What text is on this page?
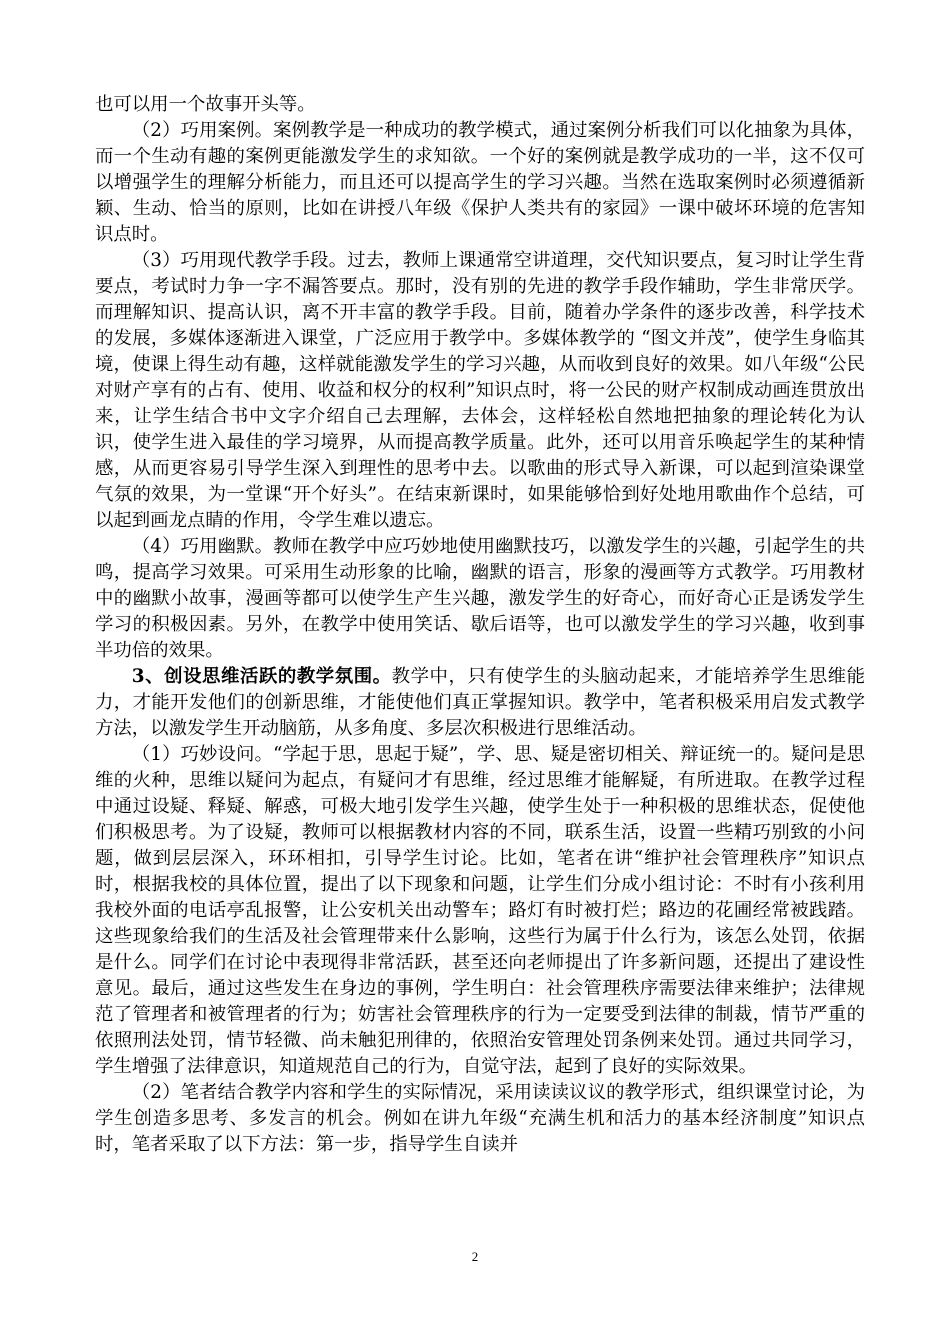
也可以用一个故事开头等。

（2）巧用案例。案例教学是一种成功的教学模式，通过案例分析我们可以化抽象为具体，而一个生动有趣的案例更能激发学生的求知欲。一个好的案例就是教学成功的一半，这不仅可以增强学生的理解分析能力，而且还可以提高学生的学习兴趣。当然在选取案例时必须遵循新颖、生动、恰当的原则，比如在讲授八年级《保护人类共有的家园》一课中破坏环境的危害知识点时。

（3）巧用现代教学手段。过去，教师上课通常空讲道理，交代知识要点，复习时让学生背要点，考试时力争一字不漏答要点。那时，没有别的先进的教学手段作辅助，学生非常厌学。而理解知识、提高认识，离不开丰富的教学手段。目前，随着办学条件的逐步改善，科学技术的发展，多媒体逐渐进入课堂，广泛应用于教学中。多媒体教学的 “图文并茂”，使学生身临其境，使课上得生动有趣，这样就能激发学生的学习兴趣，从而收到良好的效果。如八年级“公民对财产享有的占有、使用、收益和权分的权利”知识点时，将一公民的财产权制成动画连贯放出来，让学生结合书中文字介绍自己去理解，去体会，这样轻松自然地把抽象的理论转化为认识，使学生进入最佳的学习境界，从而提高教学质量。此外，还可以用音乐唤起学生的某种情感，从而更容易引导学生深入到理性的思考中去。以歌曲的形式导入新课，可以起到渲染课堂气氛的效果，为一堂课“开个好头”。在结束新课时，如果能够恰到好处地用歌曲作个总结，可以起到画龙点睛的作用，令学生难以遗忘。

（4）巧用幽默。教师在教学中应巧妙地使用幽默技巧，以激发学生的兴趣，引起学生的共鸣，提高学习效果。可采用生动形象的比喻，幽默的语言，形象的漫画等方式教学。巧用教材中的幽默小故事，漫画等都可以使学生产生兴趣，激发学生的好奇心，而好奇心正是诱发学生学习的积极因素。另外，在教学中使用笑话、歇后语等，也可以激发学生的学习兴趣，收到事半功倍的效果。

3、创设思维活跃的教学氛围。教学中，只有使学生的头脑动起来，才能培养学生思维能力，才能开发他们的创新思维，才能使他们真正掌握知识。教学中，笔者积极采用启发式教学方法，以激发学生开动脑筋，从多角度、多层次积极进行思维活动。

（1）巧妙设问。“学起于思，思起于疑”，学、思、疑是密切相关、辩证统一的。疑问是思维的火种，思维以疑问为起点，有疑问才有思维，经过思维才能解疑，有所进取。在教学过程中通过设疑、释疑、解惑，可极大地引发学生兴趣，使学生处于一种积极的思维状态，促使他们积极思考。为了设疑，教师可以根据教材内容的不同，联系生活，设置一些精巧别致的小问题，做到层层深入，环环相扣，引导学生讨论。比如，笔者在讲“维护社会管理秩序”知识点时，根据我校的具体位置，提出了以下现象和问题，让学生们分成小组讨论：不时有小孩利用我校外面的电话亭乱报警，让公安机关出动警车；路灯有时被打烂；路边的花圃经常被践踏。这些现象给我们的生活及社会管理带来什么影响，这些行为属于什么行为，该怎么处罚，依据是什么。同学们在讨论中表现得非常活跃，甚至还向老师提出了许多新问题，还提出了建设性意见。最后，通过这些发生在身边的事例，学生明白：社会管理秩序需要法律来维护；法律规范了管理者和被管理者的行为；妨害社会管理秩序的行为一定要受到法律的制裁，情节严重的依照刑法处罚，情节轻微、尚未触犯刑律的，依照治安管理处罚条例来处罚。通过共同学习，学生增强了法律意识，知道规范自己的行为，自觉守法，起到了良好的实际效果。

（2）笔者结合教学内容和学生的实际情况，采用读读议议的教学形式，组织课堂讨论，为学生创造多思考、多发言的机会。例如在讲九年级“充满生机和活力的基本经济制度”知识点时，笔者采取了以下方法：第一步，指导学生自读并

2
